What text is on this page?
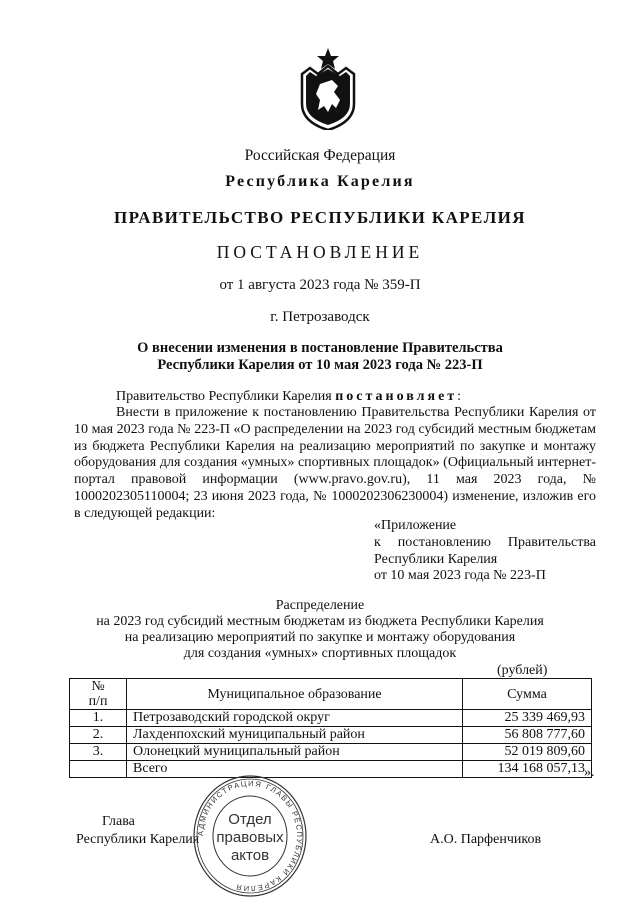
Российская Федерация
Республика Карелия
ПРАВИТЕЛЬСТВО РЕСПУБЛИКИ КАРЕЛИЯ
ПОСТАНОВЛЕНИЕ
от 1 августа 2023 года № 359-П
г. Петрозаводск
О внесении изменения в постановление Правительства
Республики Карелия от 10 мая 2023 года № 223-П
Правительство Республики Карелия постановляет:
Внести в приложение к постановлению Правительства Республики Карелия от 10 мая 2023 года № 223-П «О распределении на 2023 год субсидий местным бюджетам из бюджета Республики Карелия на реализацию мероприятий по закупке и монтажу оборудования для создания «умных» спортивных площадок» (Официальный интернет-портал правовой информации (www.pravo.gov.ru), 11 мая 2023 года, № 1000202305110004; 23 июня 2023 года, № 1000202306230004) изменение, изложив его в следующей редакции:
«Приложение
к постановлению Правительства
Республики Карелия
от 10 мая 2023 года № 223-П
Распределение
на 2023 год субсидий местным бюджетам из бюджета Республики Карелия
на реализацию мероприятий по закупке и монтажу оборудования
для создания «умных» спортивных площадок
(рублей)
№
п/п	Муниципальное образование	Сумма
1.	Петрозаводский городской округ	25 339 469,93
2.	Лахденпохский муниципальный район	56 808 777,60
3.	Олонецкий муниципальный район	52 019 809,60
	Всего	134 168 057,13 ».
Глава
Республики Карелия	А.О. Парфенчиков
АДМИНИСТРАЦИЯ ГЛАВЫ РЕСПУБЛИКИ КАРЕЛИЯ
Отдел
правовых
актов
